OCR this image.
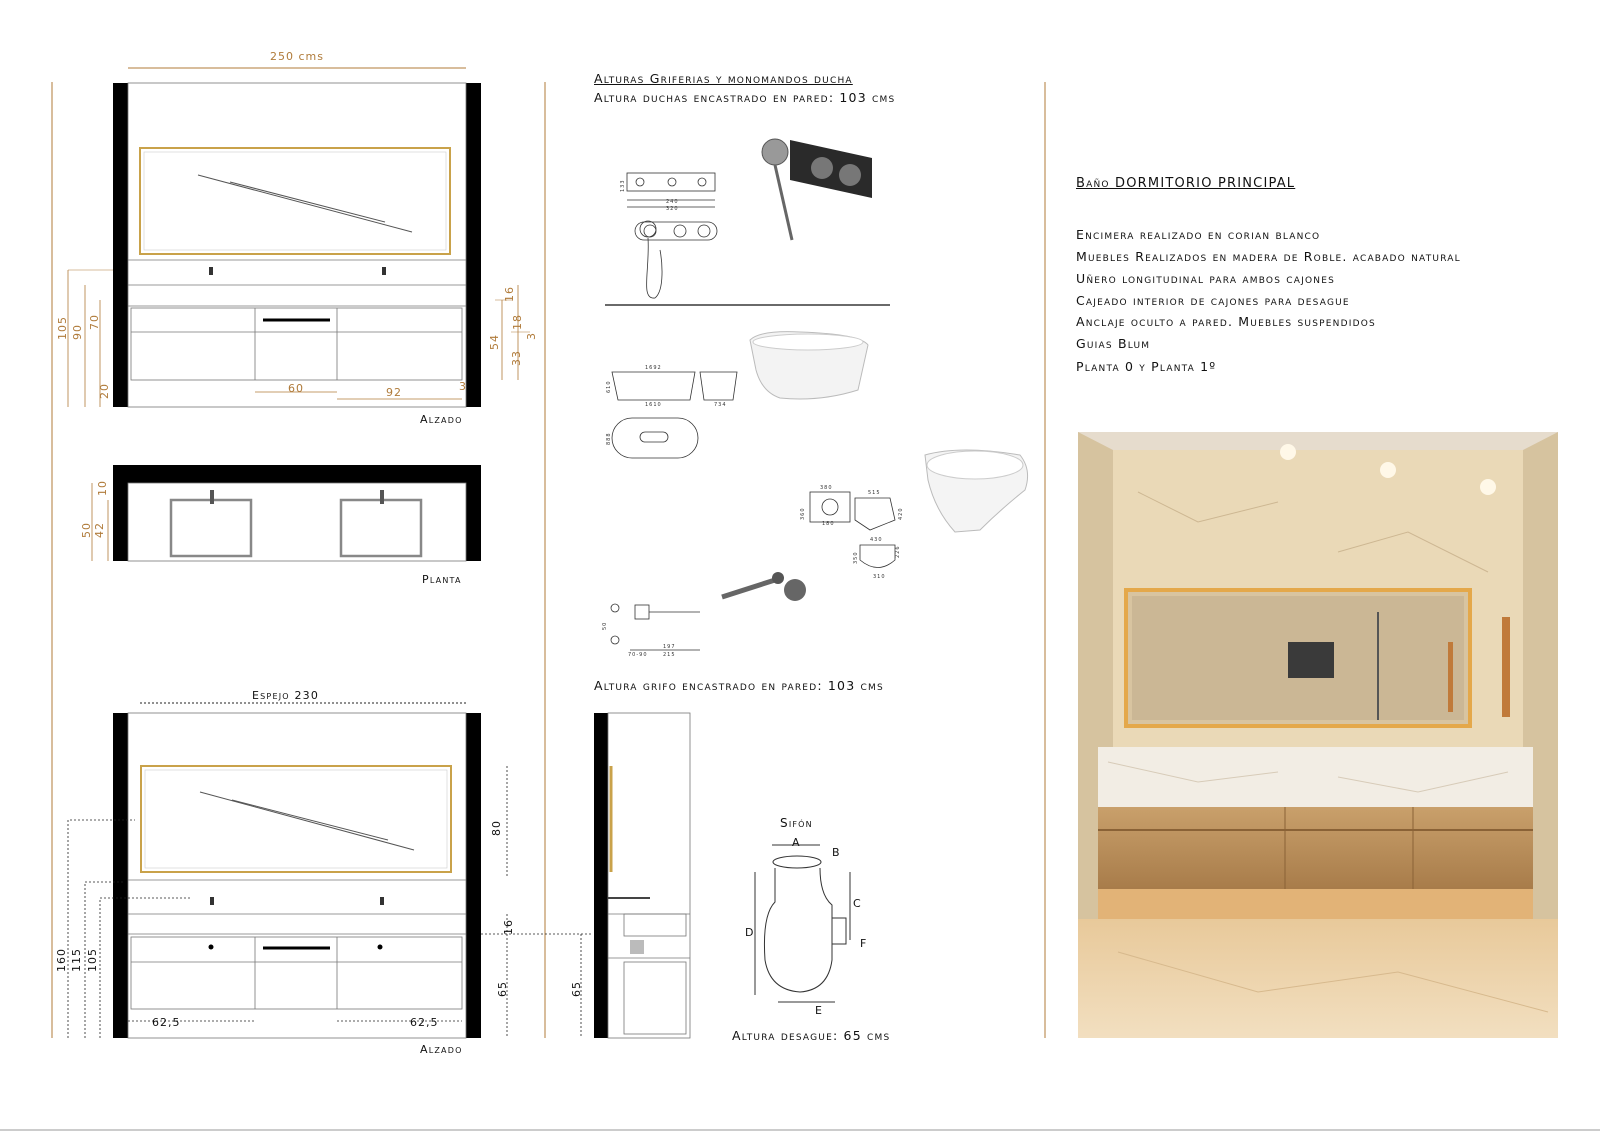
250 cms
105 90
70
20
16
18
3
54
33
3
60	92
Alzado
10
50 42
Planta
Espejo 230
160 115 105
80
16
65
62,5	62,5
Alzado
65
Alturas Griferias y monomandos ducha
Altura duchas encastrado en pared: 103 cms
Altura grifo encastrado en pared: 103 cms
133
240
320
1692
1610	734
610
888
380
180
515
360
430
310
350	226
420
197
215
70-90
50
Sifón
A
B
C
D
E
F
Altura desague: 65 cms
Baño DORMITORIO PRINCIPAL
Encimera realizado en corian blanco
Muebles Realizados en madera de Roble. acabado natural
Uñero longitudinal para ambos cajones
Cajeado interior de cajones para desague
Anclaje oculto a pared. Muebles suspendidos
Guias Blum
Planta 0 y Planta 1º
